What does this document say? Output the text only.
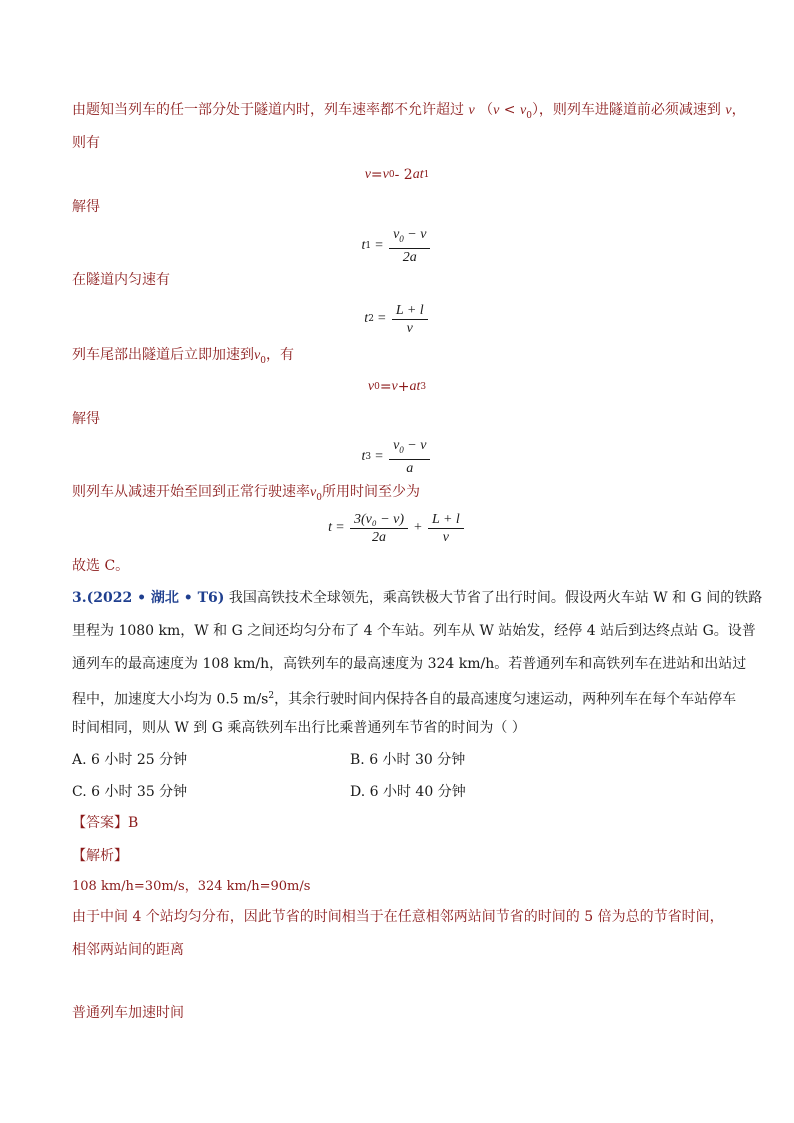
由题知当列车的任一部分处于隧道内时，列车速率都不允许超过 v $(v < v_0)$，则列车进隧道前必须减速到 v，
则有
v = v 0 - 2 at 1
解得
t $1 = \frac{v_0 - v}{2a}$
在隧道内匀速有
t $2 = \frac{L + l}{v}$
列车尾部出隧道后立即加速到$v_0$，有
v 0 = v + at 3
解得
t $3 = \frac{v_0 - v}{a}$
则列车从减速开始至回到正常行驶速率$v_0$所用时间至少为
$t = \frac{\text{3(v₀ − v)}}{2a} + \frac{L + l}{v}$
故选 C。
3.(2022 • 湖北 • T6) 我国高铁技术全球领先，乘高铁极大节省了出行时间。假设两火车站 W 和 G 间的铁路
里程为 1080 km，W 和 G 之间还均匀分布了 4 个车站。列车从 W 站始发，经停 4 站后到达终点站 G。设普
通列车的最高速度为 108 km/h，高铁列车的最高速度为 324 km/h。若普通列车和高铁列车在进站和出站过
程中，加速度大小均为 0.5 $m/s^2$，其余行驶时间内保持各自的最高速度匀速运动，两种列车在每个车站停车
时间相同，则从 W 到 G 乘高铁列车出行比乘普通列车节省的时间为（ ）
A. 6 小时 25 分钟	B. 6 小时 30 分钟
C. 6 小时 35 分钟	D. 6 小时 40 分钟
【答案】B
【解析】
108 km/h=30m/s，324 km/h=90m/s
由于中间 4 个站均匀分布，因此节省的时间相当于在任意相邻两站间节省的时间的 5 倍为总的节省时间，
相邻两站间的距离
普通列车加速时间
